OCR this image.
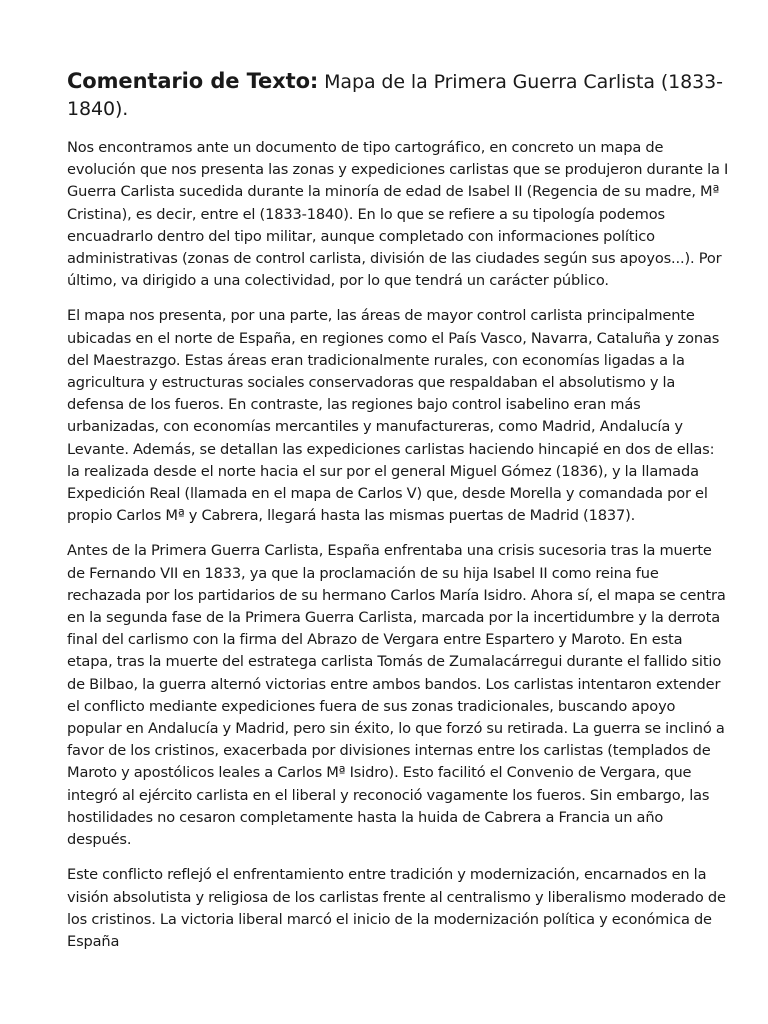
Comentario de Texto: Mapa de la Primera Guerra Carlista (1833-1840).

Nos encontramos ante un documento de tipo cartográfico, en concreto un mapa de evolución que nos presenta las zonas y expediciones carlistas que se produjeron durante la I Guerra Carlista sucedida durante la minoría de edad de Isabel II (Regencia de su madre, Mª Cristina), es decir, entre el (1833-1840). En lo que se refiere a su tipología podemos encuadrarlo dentro del tipo militar, aunque completado con informaciones político administrativas (zonas de control carlista, división de las ciudades según sus apoyos...). Por último, va dirigido a una colectividad, por lo que tendrá un carácter público.

El mapa nos presenta, por una parte, las áreas de mayor control carlista principalmente ubicadas en el norte de España, en regiones como el País Vasco, Navarra, Cataluña y zonas del Maestrazgo. Estas áreas eran tradicionalmente rurales, con economías ligadas a la agricultura y estructuras sociales conservadoras que respaldaban el absolutismo y la defensa de los fueros. En contraste, las regiones bajo control isabelino eran más urbanizadas, con economías mercantiles y manufactureras, como Madrid, Andalucía y Levante. Además, se detallan las expediciones carlistas haciendo hincapié en dos de ellas: la realizada desde el norte hacia el sur por el general Miguel Gómez (1836), y la llamada Expedición Real (llamada en el mapa de Carlos V) que, desde Morella y comandada por el propio Carlos Mª y Cabrera, llegará hasta las mismas puertas de Madrid (1837).

Antes de la Primera Guerra Carlista, España enfrentaba una crisis sucesoria tras la muerte de Fernando VII en 1833, ya que la proclamación de su hija Isabel II como reina fue rechazada por los partidarios de su hermano Carlos María Isidro. Ahora sí, el mapa se centra en la segunda fase de la Primera Guerra Carlista, marcada por la incertidumbre y la derrota final del carlismo con la firma del Abrazo de Vergara entre Espartero y Maroto. En esta etapa, tras la muerte del estratega carlista Tomás de Zumalacárregui durante el fallido sitio de Bilbao, la guerra alternó victorias entre ambos bandos. Los carlistas intentaron extender el conflicto mediante expediciones fuera de sus zonas tradicionales, buscando apoyo popular en Andalucía y Madrid, pero sin éxito, lo que forzó su retirada. La guerra se inclinó a favor de los cristinos, exacerbada por divisiones internas entre los carlistas (templados de Maroto y apostólicos leales a Carlos Mª Isidro). Esto facilitó el Convenio de Vergara, que integró al ejército carlista en el liberal y reconoció vagamente los fueros. Sin embargo, las hostilidades no cesaron completamente hasta la huida de Cabrera a Francia un año después.

Este conflicto reflejó el enfrentamiento entre tradición y modernización, encarnados en la visión absolutista y religiosa de los carlistas frente al centralismo y liberalismo moderado de los cristinos. La victoria liberal marcó el inicio de la modernización política y económica de España
